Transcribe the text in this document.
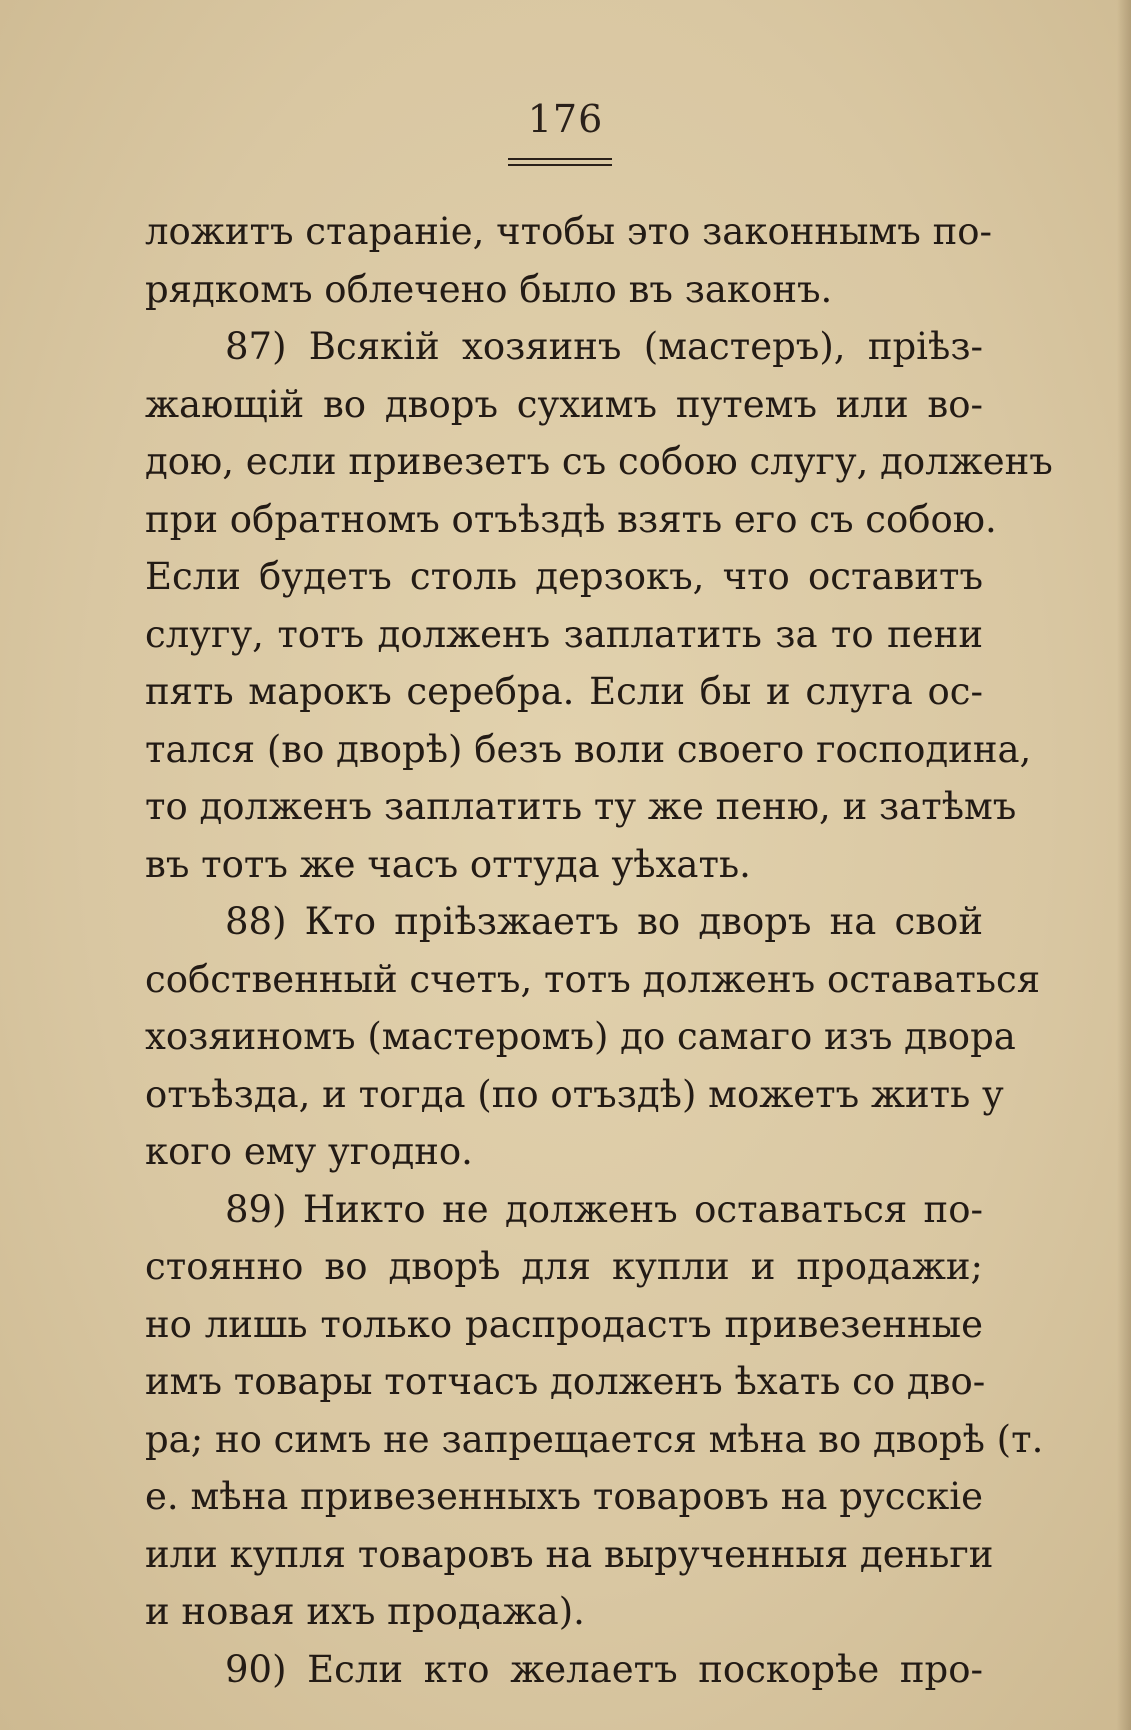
176
ложитъ стараніе, чтобы это законнымъ по-
рядкомъ облечено было въ законъ.
87) Всякій хозяинъ (мастеръ), пріѣз-
жающій во дворъ сухимъ путемъ или во-
дою, если привезетъ съ собою слугу, долженъ
при обратномъ отъѣздѣ взять его съ собою.
Если будетъ столь дерзокъ, что оставитъ
слугу, тотъ долженъ заплатить за то пени
пять марокъ серебра. Если бы и слуга ос-
тался (во дворѣ) безъ воли своего господина,
то долженъ заплатить ту же пеню, и затѣмъ
въ тотъ же часъ оттуда уѣхать.
88) Кто пріѣзжаетъ во дворъ на свой
собственный счетъ, тотъ долженъ оставаться
хозяиномъ (мастеромъ) до самаго изъ двора
отъѣзда, и тогда (по отъздѣ) можетъ жить у
кого ему угодно.
89) Никто не долженъ оставаться по-
стоянно во дворѣ для купли и продажи;
но лишь только распродастъ привезенные
имъ товары тотчасъ долженъ ѣхать со дво-
ра; но симъ не запрещается мѣна во дворѣ (т.
е. мѣна привезенныхъ товаровъ на русскіе
или купля товаровъ на вырученныя деньги
и новая ихъ продажа).
90) Если кто желаетъ поскорѣе про-
